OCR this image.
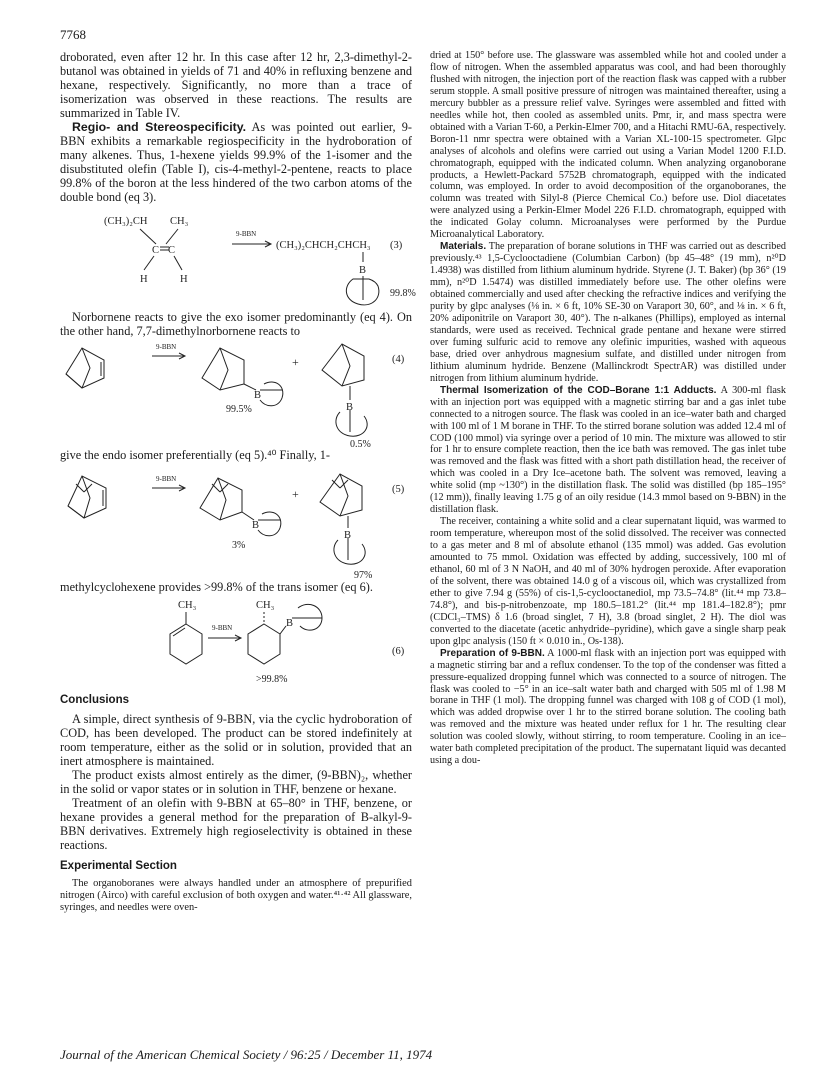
7768

droborated, even after 12 hr. In this case after 12 hr, 2,3-dimethyl-2-butanol was obtained in yields of 71 and 40% in refluxing benzene and hexane, respectively. Significantly, no more than a trace of isomerization was observed in these reactions. The results are summarized in Table IV.

Regio- and Stereospecificity. As was pointed out earlier, 9-BBN exhibits a remarkable regiospecificity in the hydroboration of many alkenes. Thus, 1-hexene yields 99.9% of the 1-isomer and the disubstituted olefin (Table I), cis-4-methyl-2-pentene, reacts to place 99.8% of the boron at the less hindered of the two carbon atoms of the double bond (eq 3).

(CH₃)₂CH CH₃
C C
H	H
9-BBN
(CH₃)₂CHCH₂CHCH₃ (3)
B
99.8%

Norbornene reacts to give the exo isomer predominantly (eq 4). On the other hand, 7,7-dimethylnorbornene reacts to

9-BBN
B
99.5%
+
B
(4)
0.5%

give the endo isomer preferentially (eq 5).⁴⁰ Finally, 1-

9-BBN
B
3%
+
B
(5)
97%

methylcyclohexene provides >99.8% of the trans isomer (eq 6).

CH₃
9-BBN
CH₃
B
(6)
>99.8%
Conclusions

A simple, direct synthesis of 9-BBN, via the cyclic hydroboration of COD, has been developed. The product can be stored indefinitely at room temperature, either as the solid or in solution, provided that an inert atmosphere is maintained.

The product exists almost entirely as the dimer, (9-BBN)₂, whether in the solid or vapor states or in solution in THF, benzene or hexane.

Treatment of an olefin with 9-BBN at 65–80° in THF, benzene, or hexane provides a general method for the preparation of B-alkyl-9-BBN derivatives. Extremely high regioselectivity is obtained in these reactions.

Experimental Section

The organoboranes were always handled under an atmosphere of prepurified nitrogen (Airco) with careful exclusion of both oxygen and water.⁴¹·⁴² All glassware, syringes, and needles were oven-

dried at 150° before use. The glassware was assembled while hot and cooled under a flow of nitrogen. When the assembled apparatus was cool, and had been thoroughly flushed with nitrogen, the injection port of the reaction flask was capped with a rubber serum stopple. A small positive pressure of nitrogen was maintained thereafter, using a mercury bubbler as a pressure relief valve. Syringes were assembled and fitted with needles while hot, then cooled as assembled units. Pmr, ir, and mass spectra were obtained with a Varian T-60, a Perkin-Elmer 700, and a Hitachi RMU-6A, respectively. Boron-11 nmr spectra were obtained with a Varian XL-100-15 spectrometer. Glpc analyses of alcohols and olefins were carried out using a Varian Model 1200 F.I.D. chromatograph, equipped with the indicated column. When analyzing organoborane products, a Hewlett-Packard 5752B chromatograph, equipped with the indicated column, was employed. In order to avoid decomposition of the organoboranes, the column was treated with Silyl-8 (Pierce Chemical Co.) before use. Diol diacetates were analyzed using a Perkin-Elmer Model 226 F.I.D. chromatograph, equipped with the indicated Golay column. Microanalyses were performed by the Purdue Microanalytical Laboratory.

Materials. The preparation of borane solutions in THF was carried out as described previously.⁴³ 1,5-Cyclooctadiene (Columbian Carbon) (bp 45–48° (19 mm), n²⁰D 1.4938) was distilled from lithium aluminum hydride. Styrene (J. T. Baker) (bp 36° (19 mm), n²⁰D 1.5474) was distilled immediately before use. The other olefins were obtained commercially and used after checking the refractive indices and verifying the purity by glpc analyses (⅛ in. × 6 ft, 10% SE-30 on Varaport 30, 60°, and ⅛ in. × 6 ft, 20% adiponitrile on Varaport 30, 40°). The n-alkanes (Phillips), employed as internal standards, were used as received. Technical grade pentane and hexane were stirred over fuming sulfuric acid to remove any olefinic impurities, washed with aqueous base, dried over anhydrous magnesium sulfate, and distilled under nitrogen from lithium aluminum hydride. Benzene (Mallinckrodt SpectrAR) was distilled under nitrogen from lithium aluminum hydride.

Thermal Isomerization of the COD–Borane 1:1 Adducts. A 300-ml flask with an injection port was equipped with a magnetic stirring bar and a gas inlet tube connected to a nitrogen source. The flask was cooled in an ice–water bath and charged with 100 ml of 1 M borane in THF. To the stirred borane solution was added 12.4 ml of COD (100 mmol) via syringe over a period of 10 min. The mixture was allowed to stir for 1 hr to ensure complete reaction, then the ice bath was removed. The gas inlet tube was removed and the flask was fitted with a short path distillation head, the receiver of which was cooled in a Dry Ice–acetone bath. The solvent was removed, leaving a white solid (mp ~130°) in the distillation flask. The solid was distilled (bp 185–195° (12 mm)), finally leaving 1.75 g of an oily residue (14.3 mmol based on 9-BBN) in the distillation flask.

The receiver, containing a white solid and a clear supernatant liquid, was warmed to room temperature, whereupon most of the solid dissolved. The receiver was connected to a gas meter and 8 ml of absolute ethanol (135 mmol) was added. Gas evolution amounted to 75 mmol. Oxidation was effected by adding, successively, 100 ml of ethanol, 60 ml of 3 N NaOH, and 40 ml of 30% hydrogen peroxide. After evaporation of the solvent, there was obtained 14.0 g of a viscous oil, which was crystallized from ether to give 7.94 g (55%) of cis-1,5-cyclooctanediol, mp 73.5–74.8° (lit.⁴⁴ mp 73.8–74.8°), and bis-p-nitrobenzoate, mp 180.5–181.2° (lit.⁴⁴ mp 181.4–182.8°); pmr (CDCl₃–TMS) δ 1.6 (broad singlet, 7 H), 3.8 (broad singlet, 2 H). The diol was converted to the diacetate (acetic anhydride–pyridine), which gave a single sharp peak upon glpc analysis (150 ft × 0.010 in., Os-138).

Preparation of 9-BBN. A 1000-ml flask with an injection port was equipped with a magnetic stirring bar and a reflux condenser. To the top of the condenser was fitted a pressure-equalized dropping funnel which was connected to a source of nitrogen. The flask was cooled to −5° in an ice–salt water bath and charged with 505 ml of 1.98 M borane in THF (1 mol). The dropping funnel was charged with 108 g of COD (1 mol), which was added dropwise over 1 hr to the stirred borane solution. The cooling bath was removed and the mixture was heated under reflux for 1 hr. The resulting clear solution was cooled slowly, without stirring, to room temperature. Cooling in an ice–water bath completed precipitation of the product. The supernatant liquid was decanted using a dou-

Journal of the American Chemical Society / 96:25 / December 11, 1974
